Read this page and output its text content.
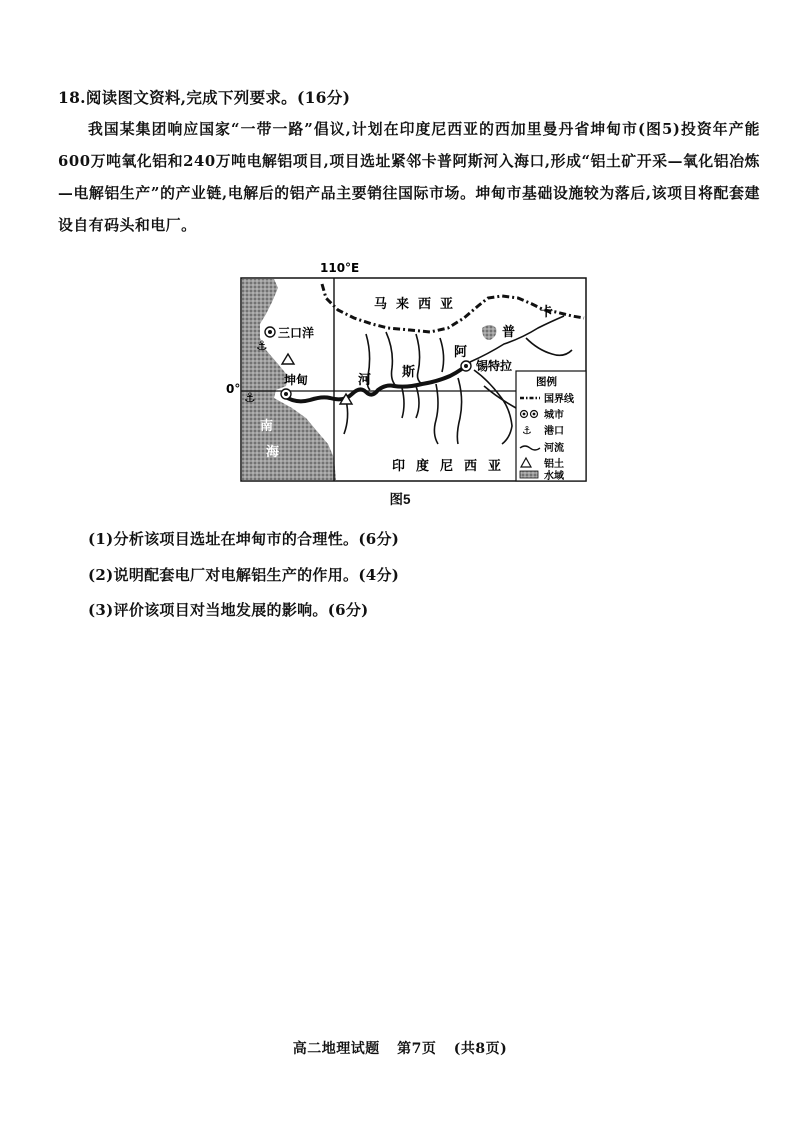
18.阅读图文资料,完成下列要求。(16分)
我国某集团响应国家“一带一路”倡议,计划在印度尼西亚的西加里曼丹省坤甸市(图5)投资年产能600万吨氧化铝和240万吨电解铝项目,项目选址紧邻卡普阿斯河入海口,形成“铝土矿开采—氧化铝冶炼—电解铝生产”的产业链,电解后的铝产品主要销往国际市场。坤甸市基础设施较为落后,该项目将配套建设自有码头和电厂。
110°E
0°
三口洋
坤甸
锡特拉
⚓
⚓
马 来 西 亚
印 度 尼 西 亚
南
海
河
斯
阿
普
卡
图例
国界线
城市
⚓ 港口
河流
铝土
水域
图5
(1)分析该项目选址在坤甸市的合理性。(6分)
(2)说明配套电厂对电解铝生产的作用。(4分)
(3)评价该项目对当地发展的影响。(6分)
高二地理试题 第7页 (共8页)
